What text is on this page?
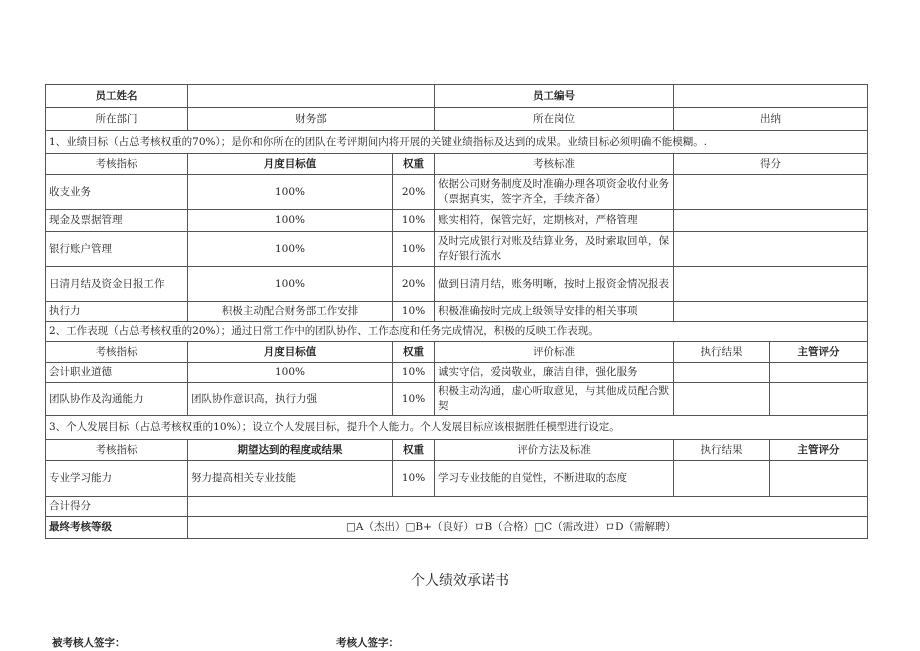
员工姓名			员工编号		
所在部门	财务部		所在岗位	出纳	
1、业绩目标（占总考核权重的70%）；是你和你所在的团队在考评期间内将开展的关键业绩指标及达到的成果。业绩目标必须明确不能模糊。.					
考核指标	月度目标值	权重	考核标准	得分	
收支业务	100%	20%	依据公司财务制度及时准确办理各项资金收付业务（票据真实，签字齐全，手续齐备）		
现金及票据管理	100%	10%	账实相符，保管完好，定期核对，严格管理		
银行账户管理	100%	10%	及时完成银行对账及结算业务，及时索取回单，保存好银行流水		
日清月结及资金日报工作	100%	20%	做到日清月结，账务明晰，按时上报资金情况报表		
执行力	积极主动配合财务部工作安排	10%	积极准确按时完成上级领导安排的相关事项		
2、工作表现（占总考核权重的20%）；通过日常工作中的团队协作、工作态度和任务完成情况，积极的反映工作表现。					
考核指标	月度目标值	权重	评价标准	执行结果	主管评分
会计职业道德	100%	10%	诚实守信，爱岗敬业，廉洁自律，强化服务		
团队协作及沟通能力	团队协作意识高，执行力强	10%	积极主动沟通，虚心听取意见，与其他成员配合默契		
3、个人发展目标（占总考核权重的10%）；设立个人发展目标，提升个人能力。个人发展目标应该根据胜任模型进行设定。					
考核指标	期望达到的程度或结果	权重	评价方法及标准	执行结果	主管评分
专业学习能力	努力提高相关专业技能	10%	学习专业技能的自觉性，不断进取的态度		
合计得分					
最终考核等级	□A（杰出）□B+（良好）ロB（合格）□C（需改进）ロD（需解聘）				
个人绩效承诺书
被考核人签字：	考核人签字：
